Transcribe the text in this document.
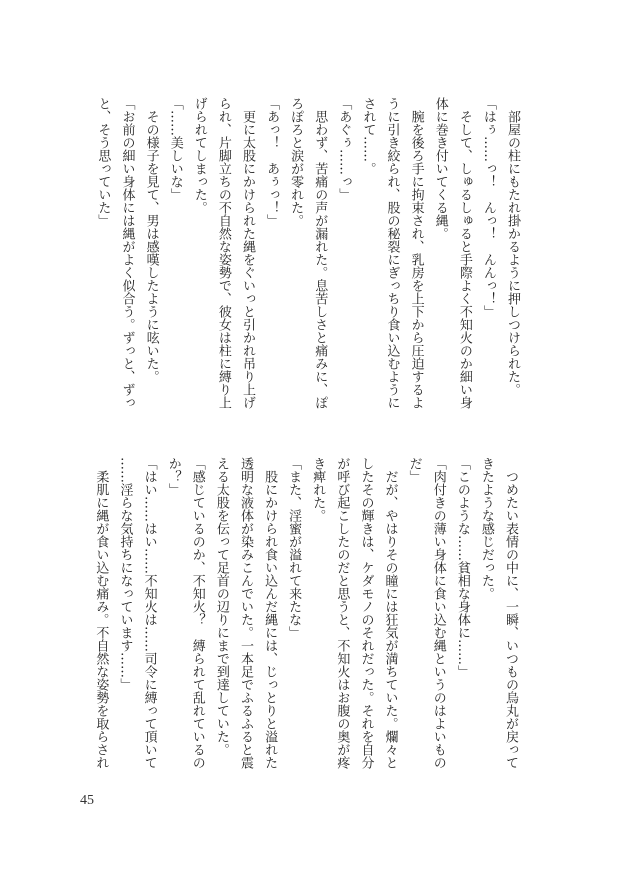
　部屋の柱にもたれ掛かるように押しつけられた。
「はぅ……っ！　んっ！　んんっ！」
　そして、しゅるしゅると手際よく不知火のか細い身
体に巻き付いてくる縄。
　腕を後ろ手に拘束され、乳房を上下から圧迫するよ
うに引き絞られ、股の秘裂にぎっちり食い込むように
されて……。
「あぐぅ……っ」
　思わず、苦痛の声が漏れた。息苦しさと痛みに、ぽ
ろぽろと涙が零れた。
「あっ！　あぅっ！」
　更に太股にかけられた縄をぐいっと引かれ吊り上げ
られ、片脚立ちの不自然な姿勢で、彼女は柱に縛り上
げられてしまった。
「……美しいな」
　その様子を見て、男は感嘆したように呟いた。
「お前の細い身体には縄がよく似合う。ずっと、ずっ
と、そう思っていた」
　つめたい表情の中に、一瞬、いつもの烏丸が戻って
きたような感じだった。
「このような……貧相な身体に……」
「肉付きの薄い身体に食い込む縄というのはよいもの
だ」
　だが、やはりその瞳には狂気が満ちていた。爛々と
したその輝きは、ケダモノのそれだった。それを自分
が呼び起こしたのだと思うと、不知火はお腹の奥が疼
き痺れた。
「また、淫蜜が溢れて来たな」
　股にかけられ食い込んだ縄には、じっとりと溢れた
透明な液体が染みこんでいた。一本足でふるふると震
える太股を伝って足首の辺りにまで到達していた。
「感じているのか、不知火？　縛られて乱れているの
か？」
「はい……はい……不知火は……司令に縛って頂いて
……淫らな気持ちになっています……」
　柔肌に縄が食い込む痛み。不自然な姿勢を取らされ
45
